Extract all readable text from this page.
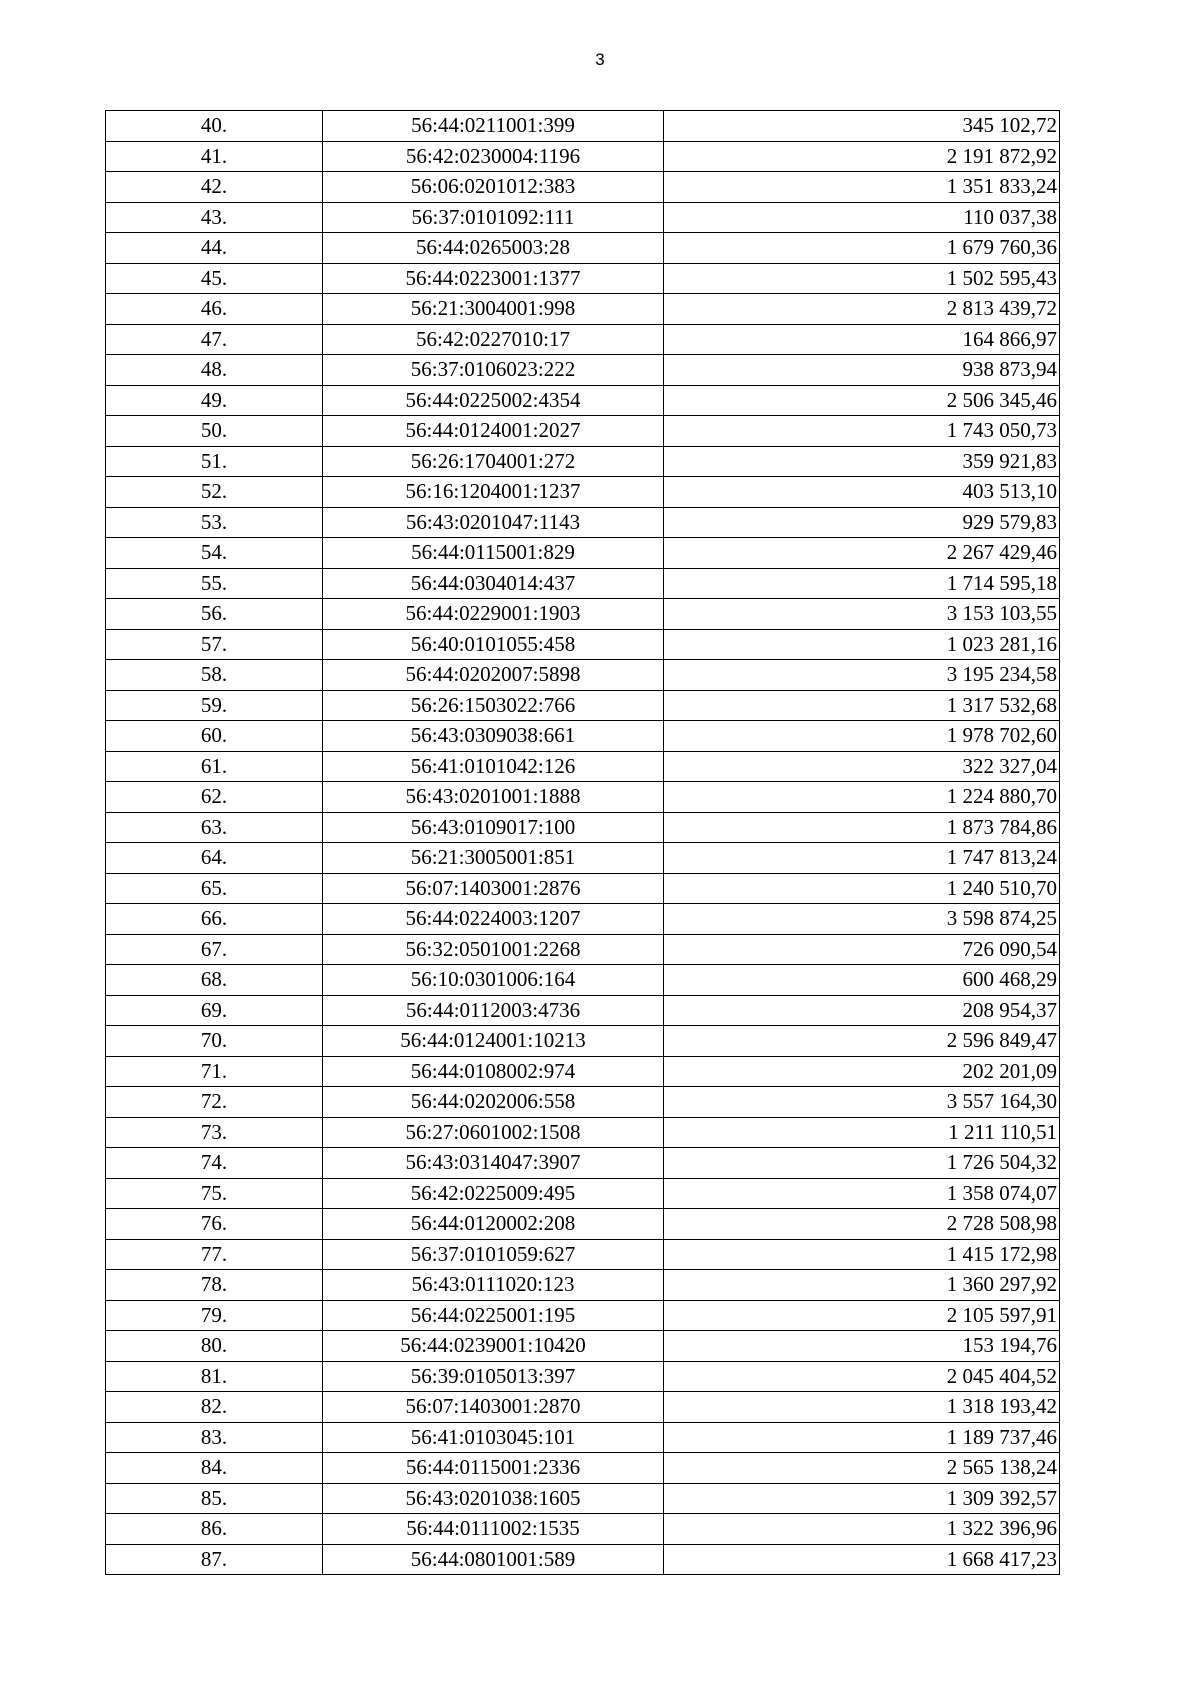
3
40.	56:44:0211001:399	345 102,72
41.	56:42:0230004:1196	2 191 872,92
42.	56:06:0201012:383	1 351 833,24
43.	56:37:0101092:111	110 037,38
44.	56:44:0265003:28	1 679 760,36
45.	56:44:0223001:1377	1 502 595,43
46.	56:21:3004001:998	2 813 439,72
47.	56:42:0227010:17	164 866,97
48.	56:37:0106023:222	938 873,94
49.	56:44:0225002:4354	2 506 345,46
50.	56:44:0124001:2027	1 743 050,73
51.	56:26:1704001:272	359 921,83
52.	56:16:1204001:1237	403 513,10
53.	56:43:0201047:1143	929 579,83
54.	56:44:0115001:829	2 267 429,46
55.	56:44:0304014:437	1 714 595,18
56.	56:44:0229001:1903	3 153 103,55
57.	56:40:0101055:458	1 023 281,16
58.	56:44:0202007:5898	3 195 234,58
59.	56:26:1503022:766	1 317 532,68
60.	56:43:0309038:661	1 978 702,60
61.	56:41:0101042:126	322 327,04
62.	56:43:0201001:1888	1 224 880,70
63.	56:43:0109017:100	1 873 784,86
64.	56:21:3005001:851	1 747 813,24
65.	56:07:1403001:2876	1 240 510,70
66.	56:44:0224003:1207	3 598 874,25
67.	56:32:0501001:2268	726 090,54
68.	56:10:0301006:164	600 468,29
69.	56:44:0112003:4736	208 954,37
70.	56:44:0124001:10213	2 596 849,47
71.	56:44:0108002:974	202 201,09
72.	56:44:0202006:558	3 557 164,30
73.	56:27:0601002:1508	1 211 110,51
74.	56:43:0314047:3907	1 726 504,32
75.	56:42:0225009:495	1 358 074,07
76.	56:44:0120002:208	2 728 508,98
77.	56:37:0101059:627	1 415 172,98
78.	56:43:0111020:123	1 360 297,92
79.	56:44:0225001:195	2 105 597,91
80.	56:44:0239001:10420	153 194,76
81.	56:39:0105013:397	2 045 404,52
82.	56:07:1403001:2870	1 318 193,42
83.	56:41:0103045:101	1 189 737,46
84.	56:44:0115001:2336	2 565 138,24
85.	56:43:0201038:1605	1 309 392,57
86.	56:44:0111002:1535	1 322 396,96
87.	56:44:0801001:589	1 668 417,23
